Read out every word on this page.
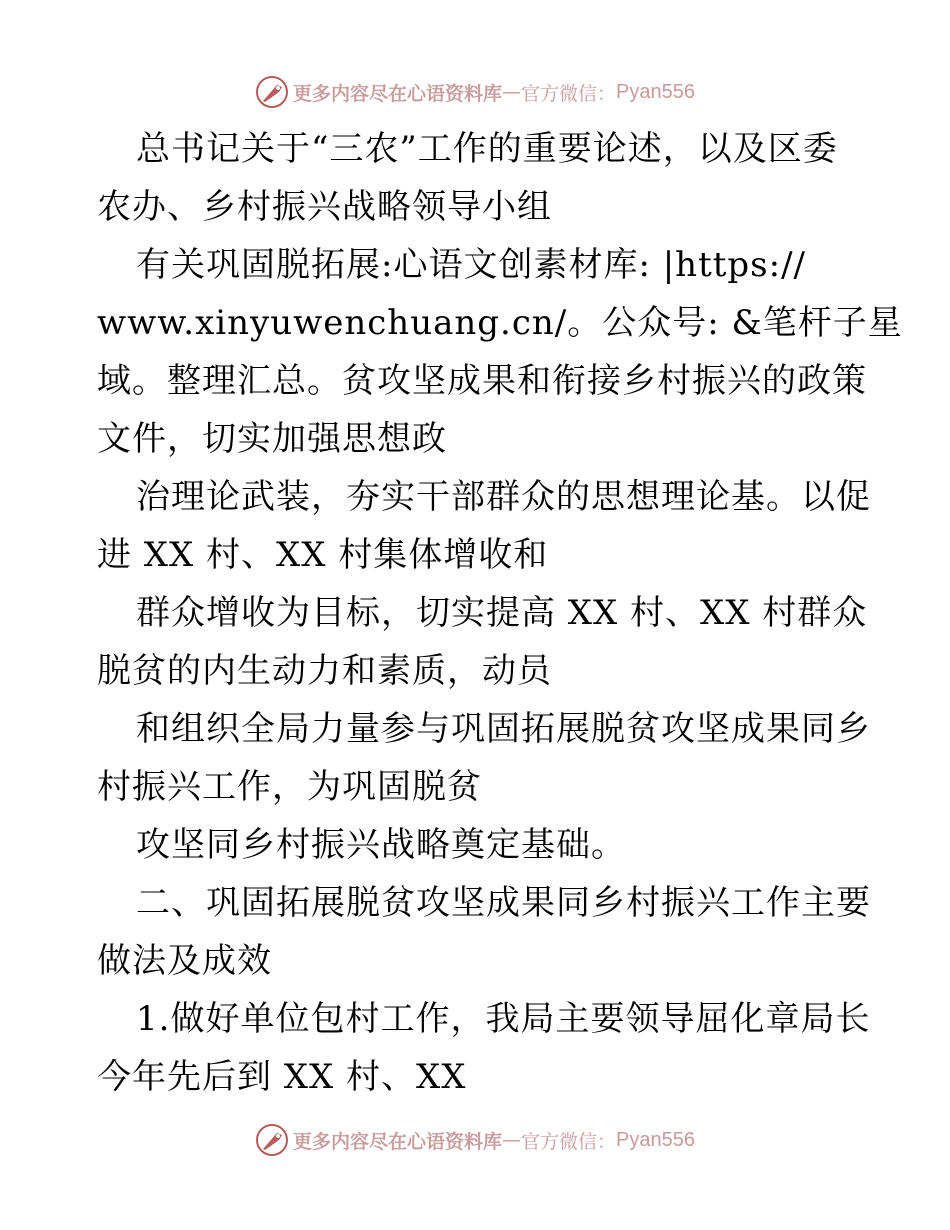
更多内容尽在心语资料库 — 官方微信： Pyan556
总书记关于“三农”工作的重要论述，以及区委
农办、乡村振兴战略领导小组
有关巩固脱拓展:心语文创素材库: |https://
www.xinyuwenchuang.cn/。公众号: &笔杆子星
域。整理汇总。贫攻坚成果和衔接乡村振兴的政策
文件，切实加强思想政
治理论武装，夯实干部群众的思想理论基。以促
进 XX 村、XX 村集体增收和
群众增收为目标，切实提高 XX 村、XX 村群众
脱贫的内生动力和素质，动员
和组织全局力量参与巩固拓展脱贫攻坚成果同乡
村振兴工作，为巩固脱贫
攻坚同乡村振兴战略奠定基础。
二、巩固拓展脱贫攻坚成果同乡村振兴工作主要
做法及成效
1.做好单位包村工作，我局主要领导屈化章局长
今年先后到 XX 村、XX
更多内容尽在心语资料库 — 官方微信： Pyan556
